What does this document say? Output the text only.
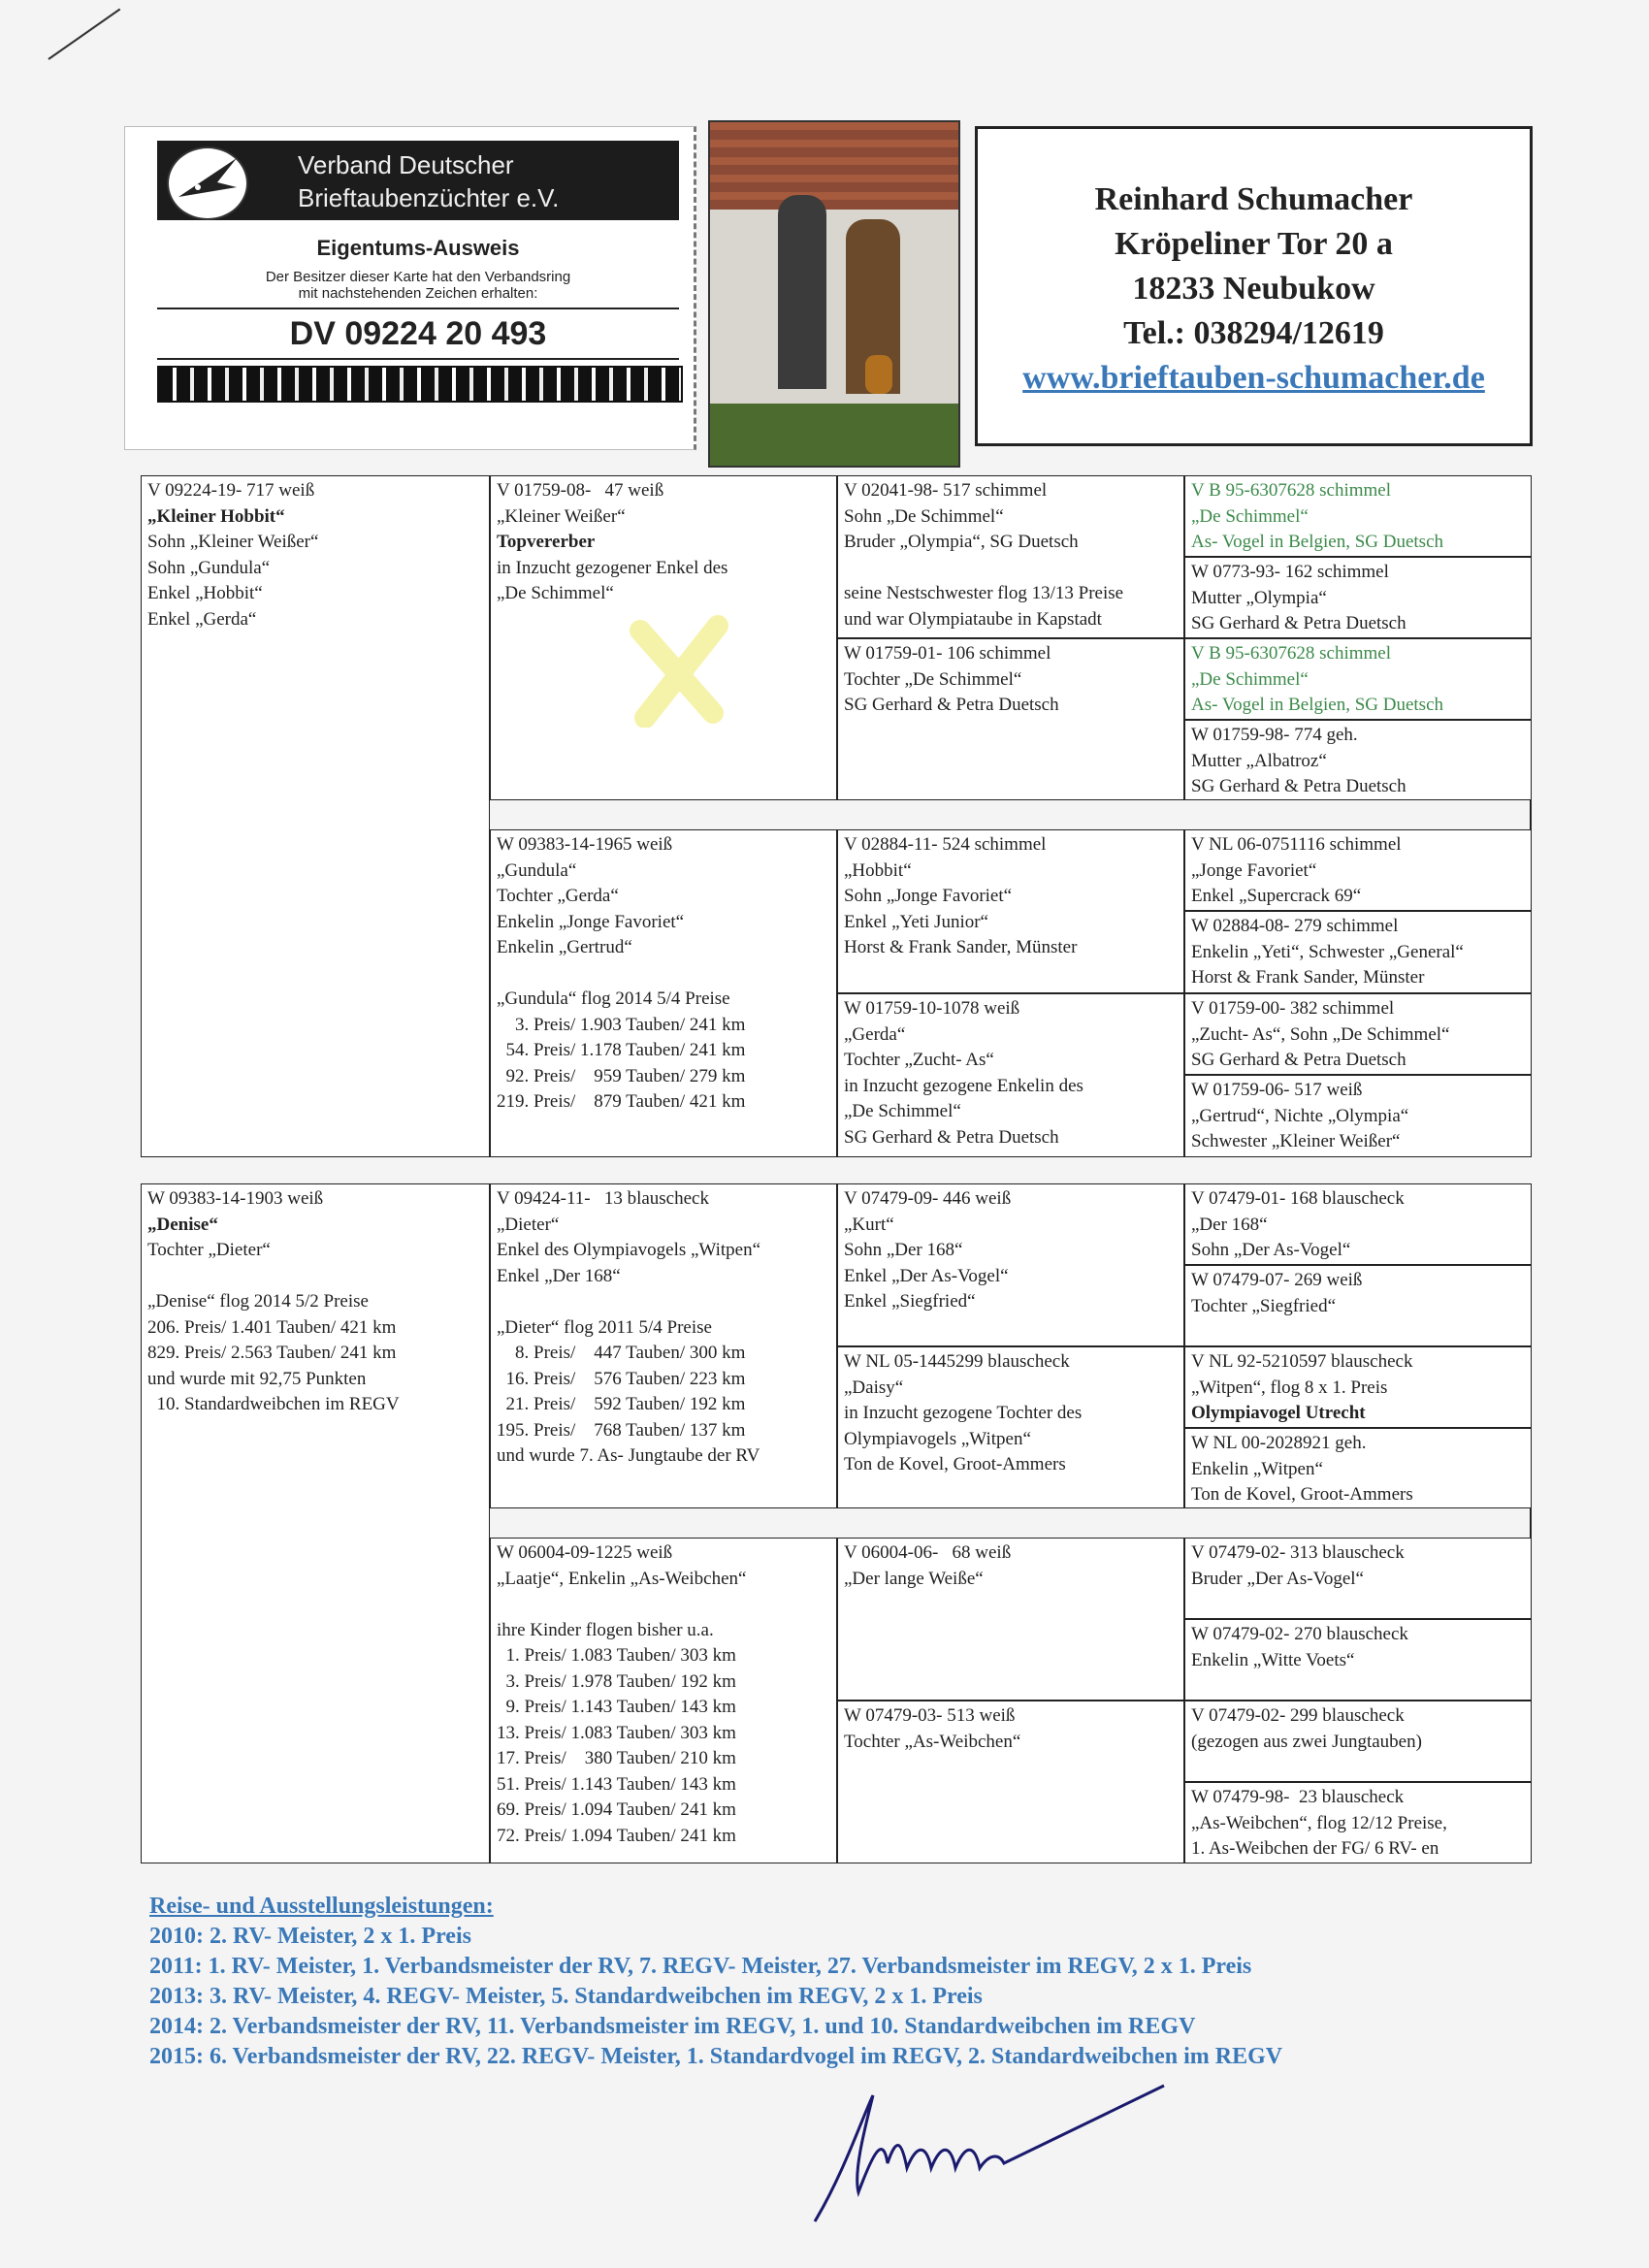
Verband Deutscher
Brieftaubenzüchter e.V.
Eigentums-Ausweis
Der Besitzer dieser Karte hat den Verbandsring
mit nachstehenden Zeichen erhalten:
DV 09224 20 493
Reinhard Schumacher
Kröpeliner Tor 20 a
18233 Neubukow
Tel.: 038294/12619
www.brieftauben-schumacher.de
V 09224-19- 717 weiß
„Kleiner Hobbit“
Sohn „Kleiner Weißer“
Sohn „Gundula“
Enkel „Hobbit“
Enkel „Gerda“
V 01759-08-   47 weiß
„Kleiner Weißer“
Topvererber
in Inzucht gezogener Enkel des
„De Schimmel“
V 02041-98- 517 schimmel
Sohn „De Schimmel“
Bruder „Olympia“, SG Duetsch

seine Nestschwester flog 13/13 Preise
und war Olympiataube in Kapstadt
W 01759-01- 106 schimmel
Tochter „De Schimmel“
SG Gerhard & Petra Duetsch
V B 95-6307628 schimmel
„De Schimmel“
As- Vogel in Belgien, SG Duetsch
W 0773-93- 162 schimmel
Mutter „Olympia“
SG Gerhard & Petra Duetsch
V B 95-6307628 schimmel
„De Schimmel“
As- Vogel in Belgien, SG Duetsch
W 01759-98- 774 geh.
Mutter „Albatroz“
SG Gerhard & Petra Duetsch
W 09383-14-1965 weiß
„Gundula“
Tochter „Gerda“
Enkelin „Jonge Favoriet“
Enkelin „Gertrud“

„Gundula“ flog 2014 5/4 Preise
3. Preis/ 1.903 Tauben/ 241 km
54. Preis/ 1.178 Tauben/ 241 km
92. Preis/    959 Tauben/ 279 km
219. Preis/    879 Tauben/ 421 km
V 02884-11- 524 schimmel
„Hobbit“
Sohn „Jonge Favoriet“
Enkel „Yeti Junior“
Horst & Frank Sander, Münster
W 01759-10-1078 weiß
„Gerda“
Tochter „Zucht- As“
in Inzucht gezogene Enkelin des
„De Schimmel“
SG Gerhard & Petra Duetsch
V NL 06-0751116 schimmel
„Jonge Favoriet“
Enkel „Supercrack 69“
W 02884-08- 279 schimmel
Enkelin „Yeti“, Schwester „General“
Horst & Frank Sander, Münster
V 01759-00- 382 schimmel
„Zucht- As“, Sohn „De Schimmel“
SG Gerhard & Petra Duetsch
W 01759-06- 517 weiß
„Gertrud“, Nichte „Olympia“
Schwester „Kleiner Weißer“
W 09383-14-1903 weiß
„Denise“
Tochter „Dieter“

„Denise“ flog 2014 5/2 Preise
206. Preis/ 1.401 Tauben/ 421 km
829. Preis/ 2.563 Tauben/ 241 km
und wurde mit 92,75 Punkten
10. Standardweibchen im REGV
V 09424-11-   13 blauscheck
„Dieter“
Enkel des Olympiavogels „Witpen“
Enkel „Der 168“

„Dieter“ flog 2011 5/4 Preise
8. Preis/    447 Tauben/ 300 km
16. Preis/    576 Tauben/ 223 km
21. Preis/    592 Tauben/ 192 km
195. Preis/    768 Tauben/ 137 km
und wurde 7. As- Jungtaube der RV
V 07479-09- 446 weiß
„Kurt“
Sohn „Der 168“
Enkel „Der As-Vogel“
Enkel „Siegfried“
W NL 05-1445299 blauscheck
„Daisy“
in Inzucht gezogene Tochter des
Olympiavogels „Witpen“
Ton de Kovel, Groot-Ammers
V 07479-01- 168 blauscheck
„Der 168“
Sohn „Der As-Vogel“
W 07479-07- 269 weiß
Tochter „Siegfried“
V NL 92-5210597 blauscheck
„Witpen“, flog 8 x 1. Preis
Olympiavogel Utrecht
W NL 00-2028921 geh.
Enkelin „Witpen“
Ton de Kovel, Groot-Ammers
W 06004-09-1225 weiß
„Laatje“, Enkelin „As-Weibchen“

ihre Kinder flogen bisher u.a.
1. Preis/ 1.083 Tauben/ 303 km
3. Preis/ 1.978 Tauben/ 192 km
9. Preis/ 1.143 Tauben/ 143 km
13. Preis/ 1.083 Tauben/ 303 km
17. Preis/    380 Tauben/ 210 km
51. Preis/ 1.143 Tauben/ 143 km
69. Preis/ 1.094 Tauben/ 241 km
72. Preis/ 1.094 Tauben/ 241 km
V 06004-06-   68 weiß
„Der lange Weiße“
W 07479-03- 513 weiß
Tochter „As-Weibchen“
V 07479-02- 313 blauscheck
Bruder „Der As-Vogel“
W 07479-02- 270 blauscheck
Enkelin „Witte Voets“
V 07479-02- 299 blauscheck
(gezogen aus zwei Jungtauben)
W 07479-98-  23 blauscheck
„As-Weibchen“, flog 12/12 Preise,
1. As-Weibchen der FG/ 6 RV- en
Reise- und Ausstellungsleistungen:
2010: 2. RV- Meister, 2 x 1. Preis
2011: 1. RV- Meister, 1. Verbandsmeister der RV, 7. REGV- Meister, 27. Verbandsmeister im REGV, 2 x 1. Preis
2013: 3. RV- Meister, 4. REGV- Meister, 5. Standardweibchen im REGV, 2 x 1. Preis
2014: 2. Verbandsmeister der RV, 11. Verbandsmeister im REGV, 1. und 10. Standardweibchen im REGV
2015: 6. Verbandsmeister der RV, 22. REGV- Meister, 1. Standardvogel im REGV, 2. Standardweibchen im REGV
